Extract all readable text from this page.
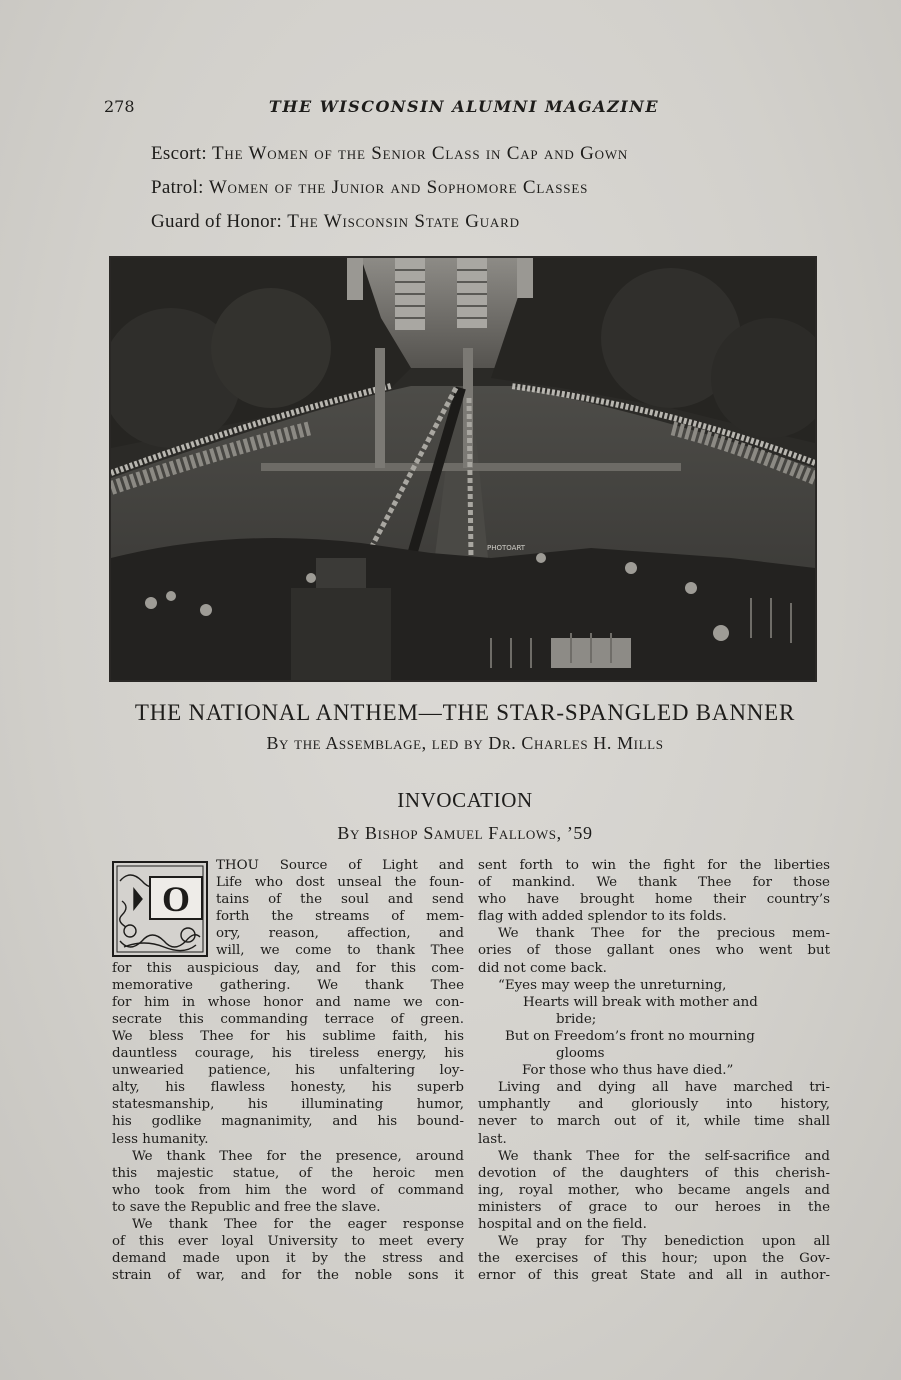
278	THE WISCONSIN ALUMNI MAGAZINE
Escort: The Women of the Senior Class in Cap and Gown
Patrol: Women of the Junior and Sophomore Classes
Guard of Honor: The Wisconsin State Guard
PHOTOART
THE NATIONAL ANTHEM—THE STAR-SPANGLED BANNER
By the Assemblage, led by Dr. Charles H. Mills
INVOCATION
By Bishop Samuel Fallows, ’59
O
THOU Source of Light and
Life who dost unseal the foun-
tains of the soul and send
forth the streams of mem-
ory, reason, affection, and
will, we come to thank Thee
for this auspicious day, and for this com-
memorative gathering. We thank Thee
for him in whose honor and name we con-
secrate this commanding terrace of green.
We bless Thee for his sublime faith, his
dauntless courage, his tireless energy, his
unwearied patience, his unfaltering loy-
alty, his flawless honesty, his superb
statesmanship, his illuminating humor,
his godlike magnanimity, and his bound-
less humanity.
We thank Thee for the presence, around
this majestic statue, of the heroic men
who took from him the word of command
to save the Republic and free the slave.
We thank Thee for the eager response
of this ever loyal University to meet every
demand made upon it by the stress and
strain of war, and for the noble sons it
sent forth to win the fight for the liberties
of mankind. We thank Thee for those
who have brought home their country’s
flag with added splendor to its folds.
We thank Thee for the precious mem-
ories of those gallant ones who went but
did not come back.
“Eyes may weep the unreturning,
Hearts will break with mother and
bride;
But on Freedom’s front no mourning
glooms
For those who thus have died.”
Living and dying all have marched tri-
umphantly and gloriously into history,
never to march out of it, while time shall
last.
We thank Thee for the self-sacrifice and
devotion of the daughters of this cherish-
ing, royal mother, who became angels and
ministers of grace to our heroes in the
hospital and on the field.
We pray for Thy benediction upon all
the exercises of this hour; upon the Gov-
ernor of this great State and all in author-
